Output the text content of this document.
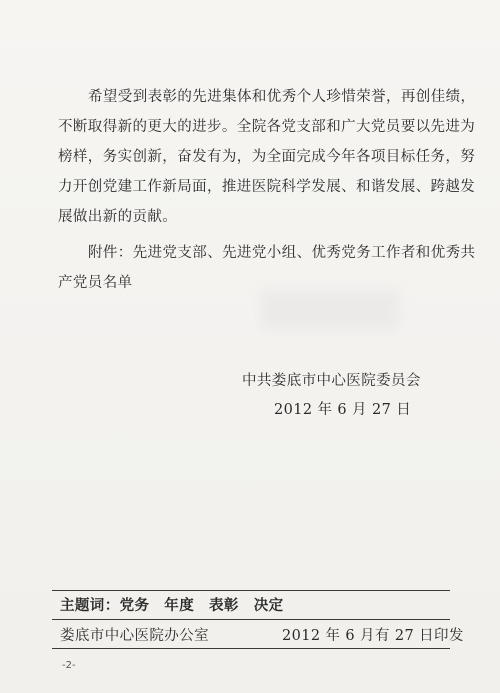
希望受到表彰的先进集体和优秀个人珍惜荣誉，再创佳绩，
不断取得新的更大的进步。全院各党支部和广大党员要以先进为
榜样，务实创新，奋发有为，为全面完成今年各项目标任务，努
力开创党建工作新局面，推进医院科学发展、和谐发展、跨越发
展做出新的贡献。
附件：先进党支部、先进党小组、优秀党务工作者和优秀共
产党员名单
中共娄底市中心医院委员会
2012 年 6 月 27 日
主题词：党务　年度　表彰　决定
娄底市中心医院办公室	2012 年 6 月有 27 日印发
-2-
